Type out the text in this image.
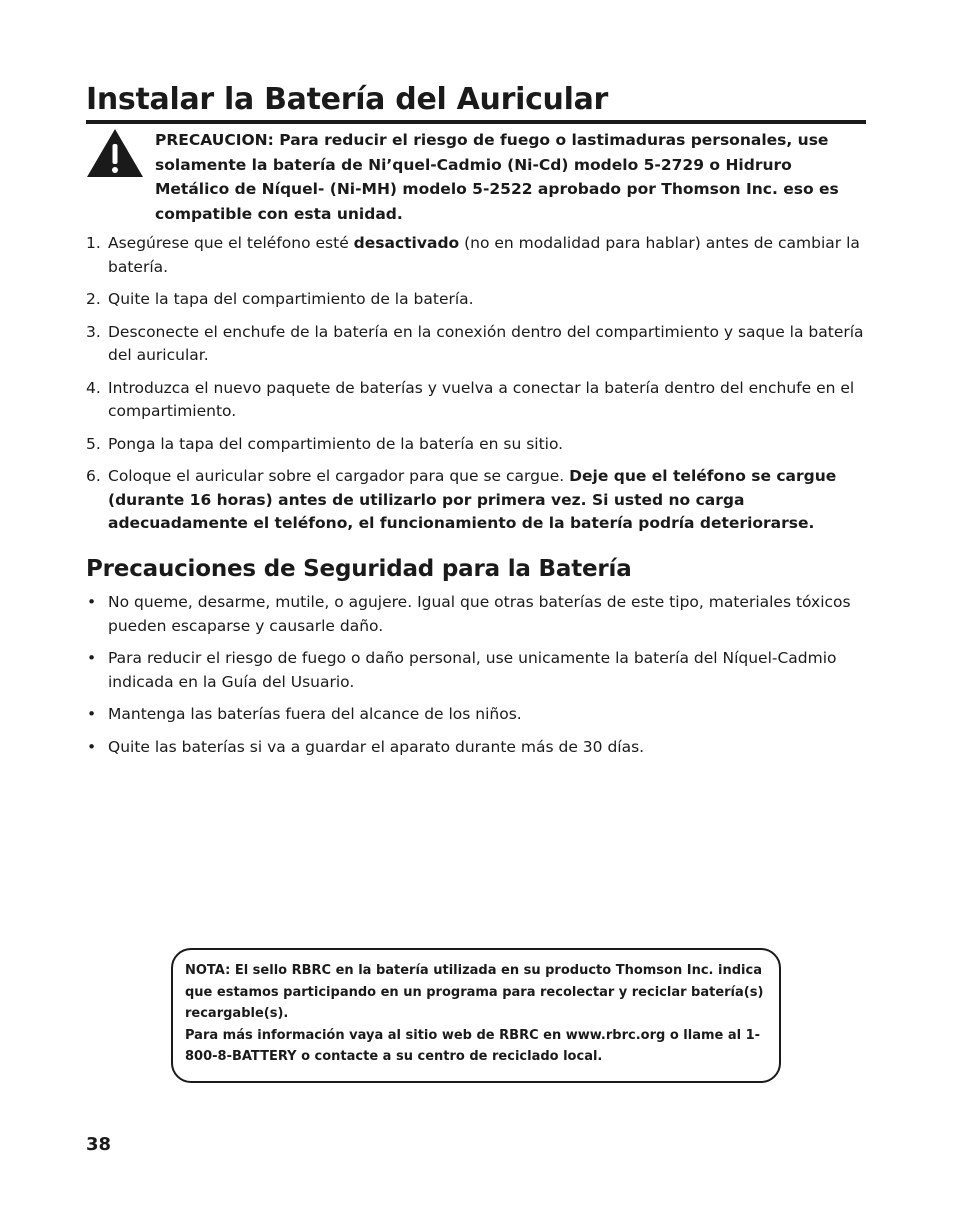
Instalar la Batería del Auricular

PRECAUCION: Para reducir el riesgo de fuego o lastimaduras personales, use solamente la batería de Ni’quel-Cadmio (Ni-Cd) modelo 5-2729 o Hidruro Metálico de Níquel- (Ni-MH) modelo 5-2522 aprobado por Thomson Inc. eso es compatible con esta unidad.

1. Asegúrese que el teléfono esté desactivado (no en modalidad para hablar) antes de cambiar la batería.
2. Quite la tapa del compartimiento de la batería.
3. Desconecte el enchufe de la batería en la conexión dentro del compartimiento y saque la batería del auricular.
4. Introduzca el nuevo paquete de baterías y vuelva a conectar la batería dentro del enchufe en el compartimiento.
5. Ponga la tapa del compartimiento de la batería en su sitio.
6. Coloque el auricular sobre el cargador para que se cargue. Deje que el teléfono se cargue (durante 16 horas) antes de utilizarlo por primera vez. Si usted no carga adecuadamente el teléfono, el funcionamiento de la batería podría deteriorarse.
Precauciones de Seguridad para la Batería
• No queme, desarme, mutile, o agujere. Igual que otras baterías de este tipo, materiales tóxicos pueden escaparse y causarle daño.
• Para reducir el riesgo de fuego o daño personal, use unicamente la batería del Níquel-Cadmio indicada en la Guía del Usuario.
• Mantenga las baterías fuera del alcance de los niños.
• Quite las baterías si va a guardar el aparato durante más de 30 días.

NOTA: El sello RBRC en la batería utilizada en su producto Thomson Inc. indica que estamos participando en un programa para recolectar y reciclar batería(s) recargable(s).

Para más información vaya al sitio web de RBRC en www.rbrc.org o llame al 1-800-8-BATTERY o contacte a su centro de reciclado local.

38
